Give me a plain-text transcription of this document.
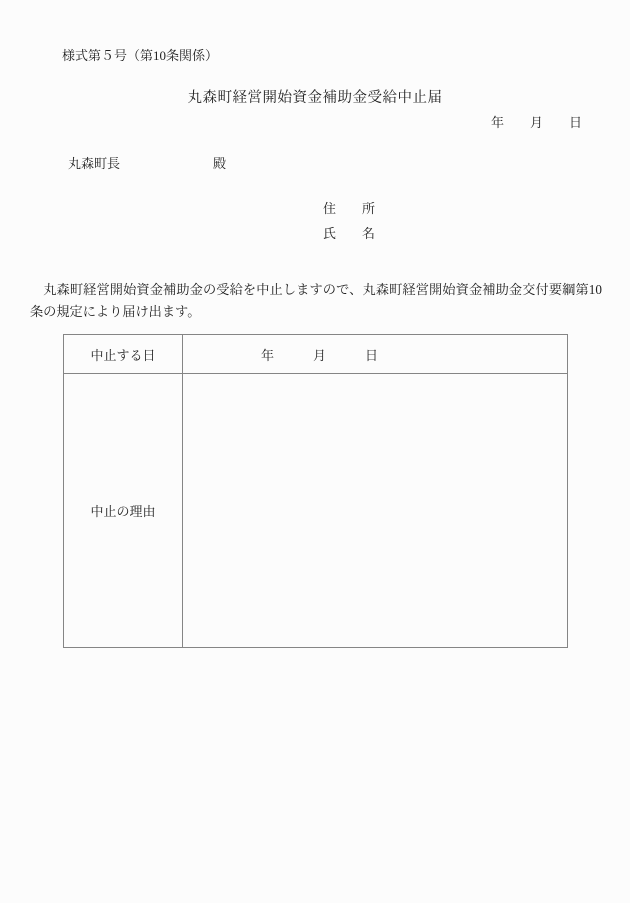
様式第５号（第10条関係）
丸森町経営開始資金補助金受給中止届
年　　月　　日
丸森町長	殿
住　　所
氏　　名
丸森町経営開始資金補助金の受給を中止しますので、丸森町経営開始資金補助金交付要綱第10条の規定により届け出ます。
中止する日	年　　　月　　　日
中止の理由	
